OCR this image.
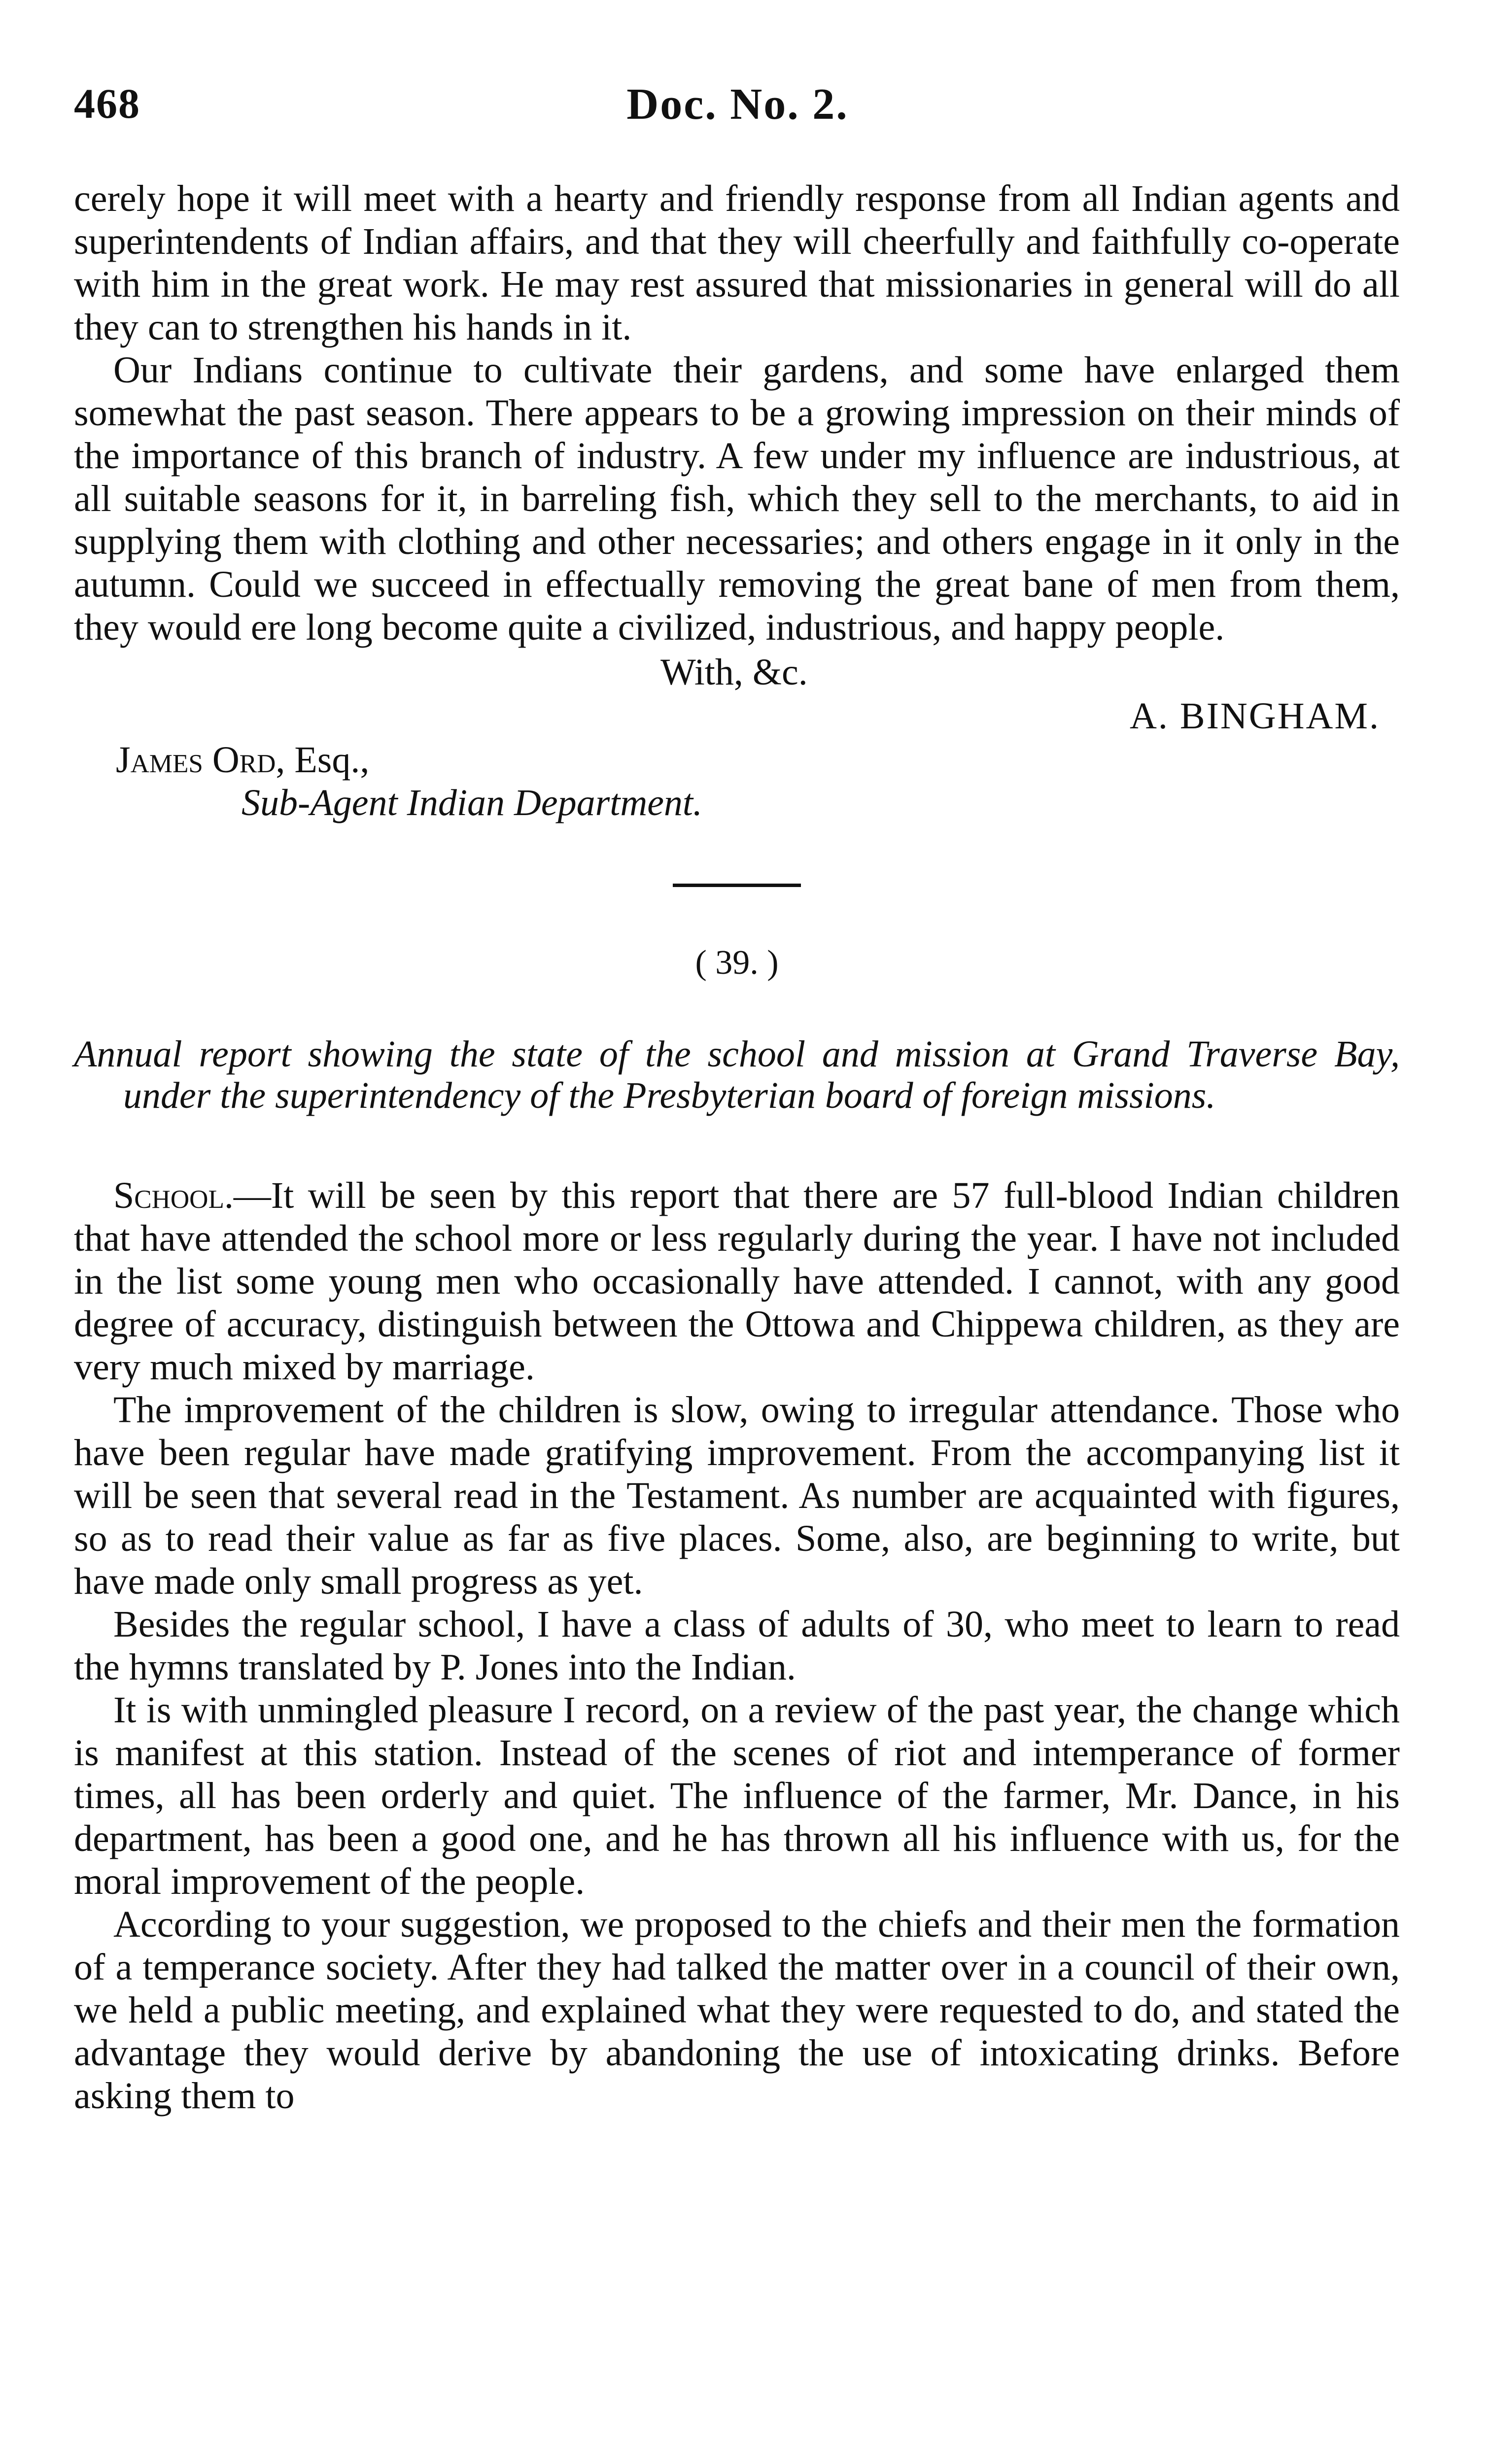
468	Doc. No. 2.

cerely hope it will meet with a hearty and friendly response from all Indian agents and superintendents of Indian affairs, and that they will cheerfully and faithfully co-operate with him in the great work. He may rest assured that missionaries in general will do all they can to strengthen his hands in it.

Our Indians continue to cultivate their gardens, and some have enlarged them somewhat the past season. There appears to be a growing impression on their minds of the importance of this branch of industry. A few under my influence are industrious, at all suitable seasons for it, in barreling fish, which they sell to the merchants, to aid in supplying them with clothing and other necessaries; and others engage in it only in the autumn. Could we succeed in effectually removing the great bane of men from them, they would ere long become quite a civilized, industrious, and happy people.

With, &c.
A. BINGHAM.
James Ord, Esq.,
Sub-Agent Indian Department.
( 39. )

Annual report showing the state of the school and mission at Grand Traverse Bay, under the superintendency of the Presbyterian board of foreign missions.

School.—It will be seen by this report that there are 57 full-blood Indian children that have attended the school more or less regularly during the year. I have not included in the list some young men who occasionally have attended. I cannot, with any good degree of accuracy, distinguish between the Ottowa and Chippewa children, as they are very much mixed by marriage.

The improvement of the children is slow, owing to irregular attendance. Those who have been regular have made gratifying improvement. From the accompanying list it will be seen that several read in the Testament. As number are acquainted with figures, so as to read their value as far as five places. Some, also, are beginning to write, but have made only small progress as yet.

Besides the regular school, I have a class of adults of 30, who meet to learn to read the hymns translated by P. Jones into the Indian.

It is with unmingled pleasure I record, on a review of the past year, the change which is manifest at this station. Instead of the scenes of riot and intemperance of former times, all has been orderly and quiet. The influence of the farmer, Mr. Dance, in his department, has been a good one, and he has thrown all his influence with us, for the moral improvement of the people.

According to your suggestion, we proposed to the chiefs and their men the formation of a temperance society. After they had talked the matter over in a council of their own, we held a public meeting, and explained what they were requested to do, and stated the advantage they would derive by abandoning the use of intoxicating drinks. Before asking them to
